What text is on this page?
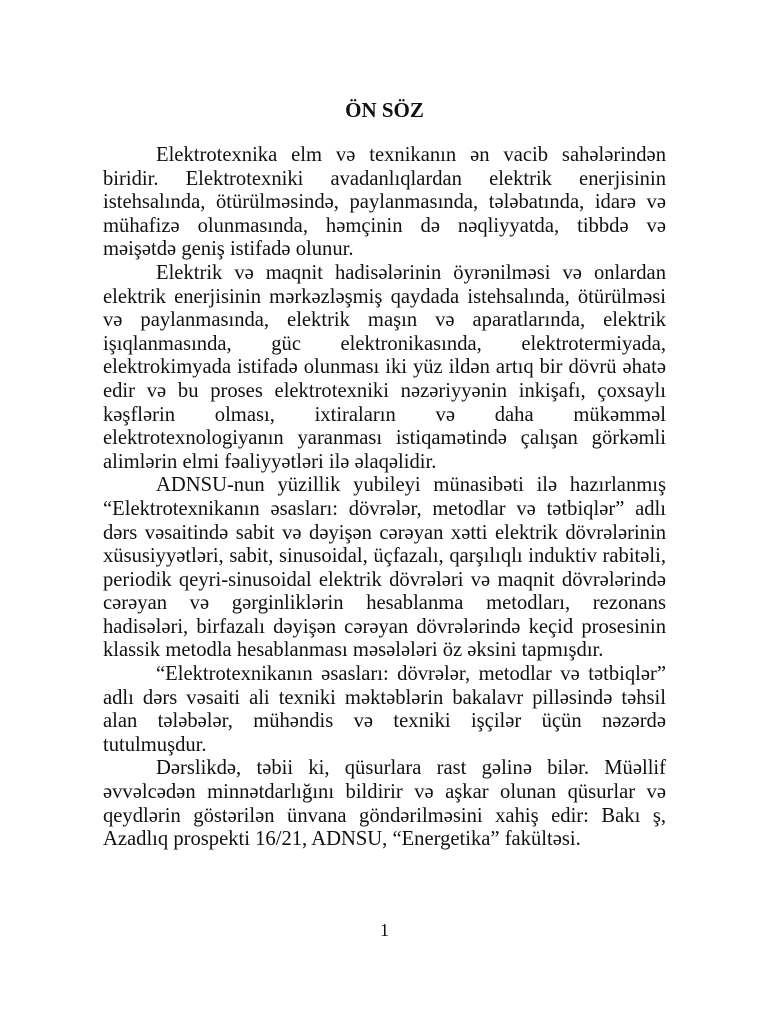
ÖN SÖZ

Elektrotexnika elm və texnikanın ən vacib sahələrindən biridir. Elektrotexniki avadanlıqlardan elektrik enerjisinin istehsalında, ötürülməsində, paylanmasında, tələbatında, idarə və mühafizə olunmasında, həmçinin də nəqliyyatda, tibbdə və məişətdə geniş istifadə olunur.

Elektrik və maqnit hadisələrinin öyrənilməsi və onlardan elektrik enerjisinin mərkəzləşmiş qaydada istehsalında, ötürülməsi və paylanmasında, elektrik maşın və aparatlarında, elektrik işıqlanmasında, güc elektronikasında, elektrotermiyada, elektrokimyada istifadə olunması iki yüz ildən artıq bir dövrü əhatə edir və bu proses elektrotexniki nəzəriyyənin inkişafı, çoxsaylı kəşflərin olması, ixtiraların və daha mükəmməl elektrotexnologiyanın yaranması istiqamətində çalışan görkəmli alimlərin elmi fəaliyyətləri ilə əlaqəlidir.

ADNSU-nun yüzillik yubileyi münasibəti ilə hazırlanmış “Elektrotexnikanın əsasları: dövrələr, metodlar və tətbiqlər” adlı dərs vəsaitində sabit və dəyişən cərəyan xətti elektrik dövrələrinin xüsusiyyətləri, sabit, sinusoidal, üçfazalı, qarşılıqlı induktiv rabitəli, periodik qeyri-sinusoidal elektrik dövrələri və maqnit dövrələrində cərəyan və gərginliklərin hesablanma metodları, rezonans hadisələri, birfazalı dəyişən cərəyan dövrələrində keçid prosesinin klassik metodla hesablanması məsələləri öz əksini tapmışdır.

“Elektrotexnikanın əsasları: dövrələr, metodlar və tətbiqlər” adlı dərs vəsaiti ali texniki məktəblərin bakalavr pilləsində təhsil alan tələbələr, mühəndis və texniki işçilər üçün nəzərdə tutulmuşdur.

Dərslikdə, təbii ki, qüsurlara rast gəlinə bilər. Müəllif əvvəlcədən minnətdarlığını bildirir və aşkar olunan qüsurlar və qeydlərin göstərilən ünvana göndərilməsini xahiş edir: Bakı ş, Azadlıq prospekti 16/21, ADNSU, “Energetika” fakültəsi.

1
